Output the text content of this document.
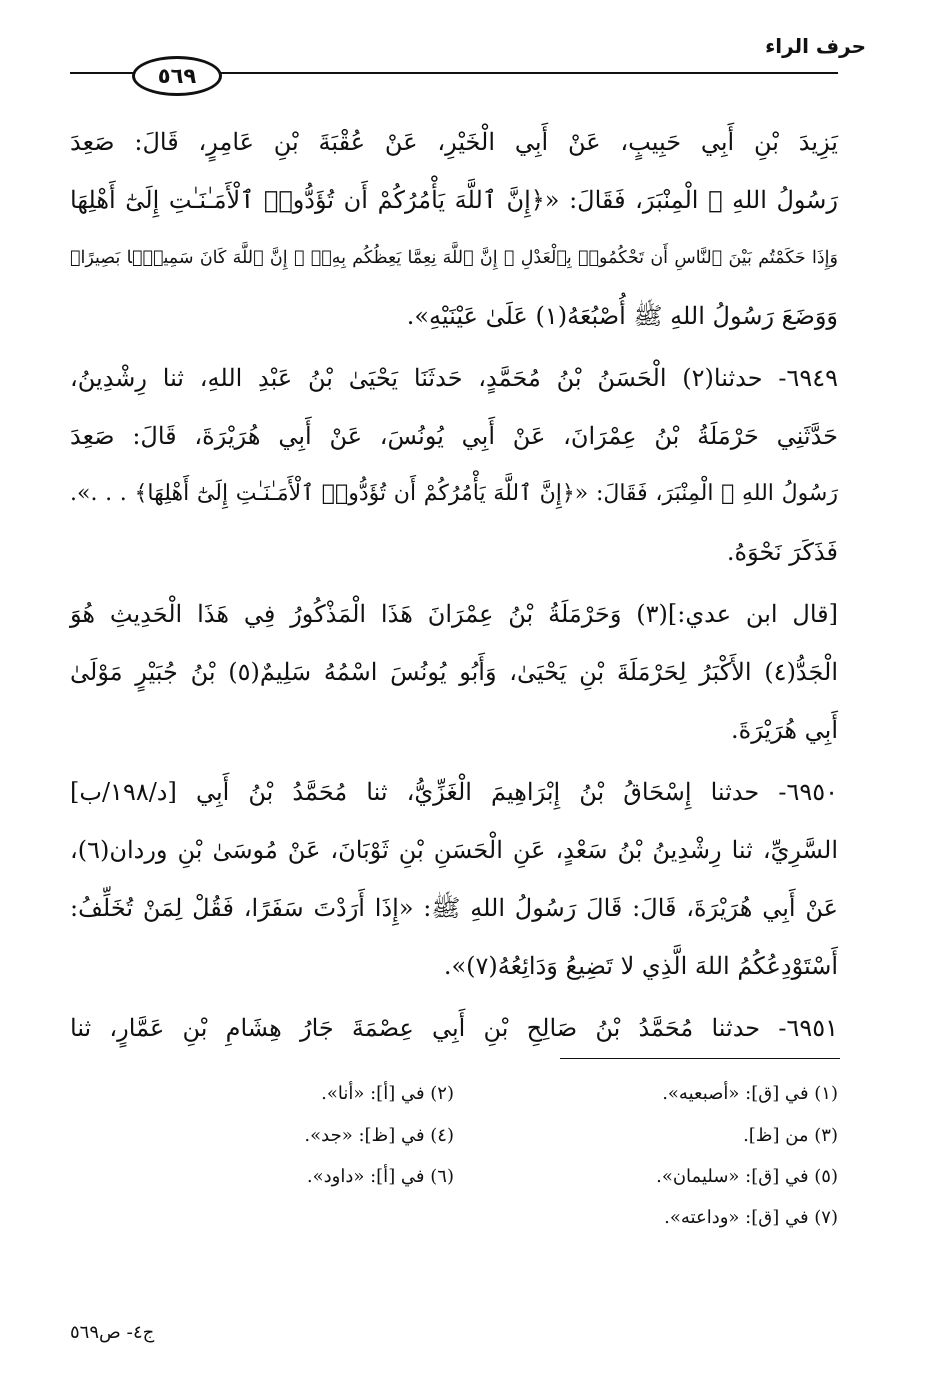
حرف الراء
٥٦٩
يَزِيدَ بْنِ أَبِي حَبِيبٍ، عَنْ أَبِي الْخَيْرِ، عَنْ عُقْبَةَ بْنِ عَامِرٍ، قَالَ: صَعِدَ
رَسُولُ اللهِ ﷺ الْمِنْبَرَ، فَقَالَ: «﴿إِنَّ ٱللَّهَ يَأْمُرُكُمْ أَن تُؤَدُّوا۟ ٱلْأَمَـٰنَـٰتِ إِلَىٰٓ أَهْلِهَا
وَإِذَا حَكَمْتُم بَيْنَ ٱلنَّاسِ أَن تَحْكُمُوا۟ بِٱلْعَدْلِ ۚ إِنَّ ٱللَّهَ نِعِمَّا يَعِظُكُم بِهِۦٓ ۗ إِنَّ ٱللَّهَ كَانَ سَمِيعًۢا بَصِيرًا﴾
وَوَضَعَ رَسُولُ اللهِ ﷺ أُصْبُعَهُ(١) عَلَىٰ عَيْنَيْهِ».
٦٩٤٩- حدثنا(٢) الْحَسَنُ بْنُ مُحَمَّدٍ، حَدثَنَا يَحْيَىٰ بْنُ عَبْدِ اللهِ، ثنا رِشْدِينُ،
حَدَّثَنِي حَرْمَلَةُ بْنُ عِمْرَانَ، عَنْ أَبِي يُونُسَ، عَنْ أَبِي هُرَيْرَةَ، قَالَ: صَعِدَ
رَسُولُ اللهِ ﷺ الْمِنْبَرَ، فَقَالَ: «﴿إِنَّ ٱللَّهَ يَأْمُرُكُمْ أَن تُؤَدُّوا۟ ٱلْأَمَـٰنَـٰتِ إِلَىٰٓ أَهْلِهَا﴾ . . .».
فَذَكَرَ نَحْوَهُ.
[قال ابن عدي:](٣) وَحَرْمَلَةُ بْنُ عِمْرَانَ هَذَا الْمَذْكُورُ فِي هَذَا الْحَدِيثِ هُوَ
الْجَدُّ(٤) الأَكْبَرُ لِحَرْمَلَةَ بْنِ يَحْيَىٰ، وَأَبُو يُونُسَ اسْمُهُ سَلِيمٌ(٥) بْنُ جُبَيْرٍ مَوْلَىٰ
أَبِي هُرَيْرَةَ.
٦٩٥٠- حدثنا إِسْحَاقُ بْنُ إِبْرَاهِيمَ الْغَزِّيُّ، ثنا مُحَمَّدُ بْنُ أَبِي [د/١٩٨/ب]
السَّرِيِّ، ثنا رِشْدِينُ بْنُ سَعْدٍ، عَنِ الْحَسَنِ بْنِ ثَوْبَانَ، عَنْ مُوسَىٰ بْنِ وردان(٦)،
عَنْ أَبِي هُرَيْرَةَ، قَالَ: قَالَ رَسُولُ اللهِ ﷺ: «إِذَا أَرَدْتَ سَفَرًا، فَقُلْ لِمَنْ تُخَلِّفُ:
أَسْتَوْدِعُكُمُ اللهَ الَّذِي لا تَضِيعُ وَدَائِعُهُ(٧)».
٦٩٥١- حدثنا مُحَمَّدُ بْنُ صَالِحِ بْنِ أَبِي عِصْمَةَ جَارُ هِشَامِ بْنِ عَمَّارٍ، ثنا
(١) في [ق]: «أصبعيه».
(٢) في [أ]: «أنا».
(٣) من [ظ].
(٤) في [ظ]: «جد».
(٥) في [ق]: «سليمان».
(٦) في [أ]: «داود».
(٧) في [ق]: «وداعته».
ج٤- ص٥٦٩
